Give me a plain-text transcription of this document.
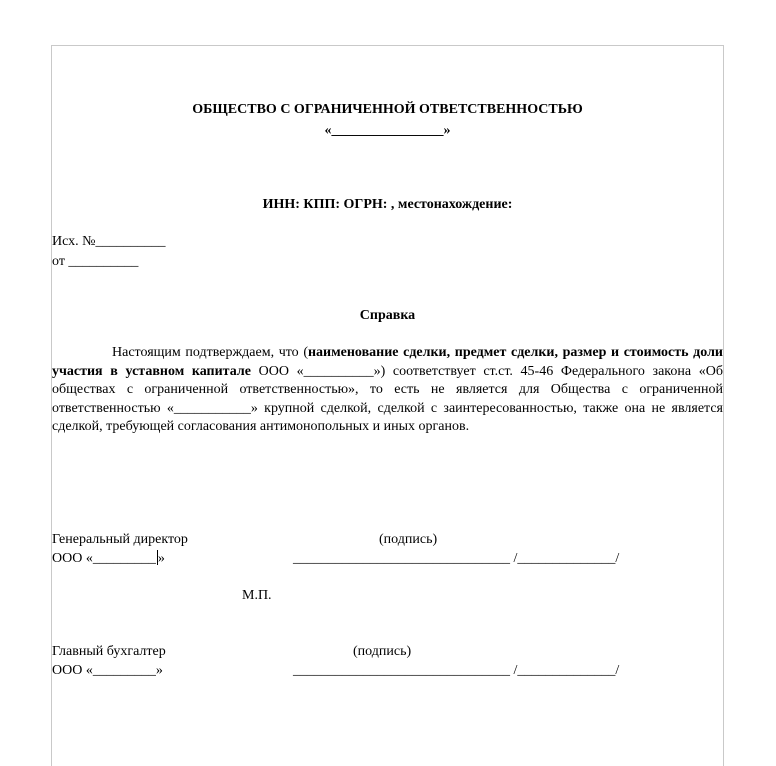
ОБЩЕСТВО С ОГРАНИЧЕННОЙ ОТВЕТСТВЕННОСТЬЮ
«________________»
ИНН: КПП: ОГРН: , местонахождение:
Исх. №__________
от __________
Справка
Настоящим подтверждаем, что (наименование сделки, предмет сделки, размер и стоимость доли участия в уставном капитале ООО «__________») соответствует ст.ст. 45-46 Федерального закона «Об обществах с ограниченной ответственностью», то есть не является для Общества с ограниченной ответственностью «___________» крупной сделкой, сделкой с заинтересованностью, также она не является сделкой, требующей согласования антимонопольных и иных органов.
Генеральный директор	(подпись)
ООО «_________ »	_______________________________ /______________/
М.П.
Главный бухгалтер	(подпись)
ООО «_________»	_______________________________ /______________/
